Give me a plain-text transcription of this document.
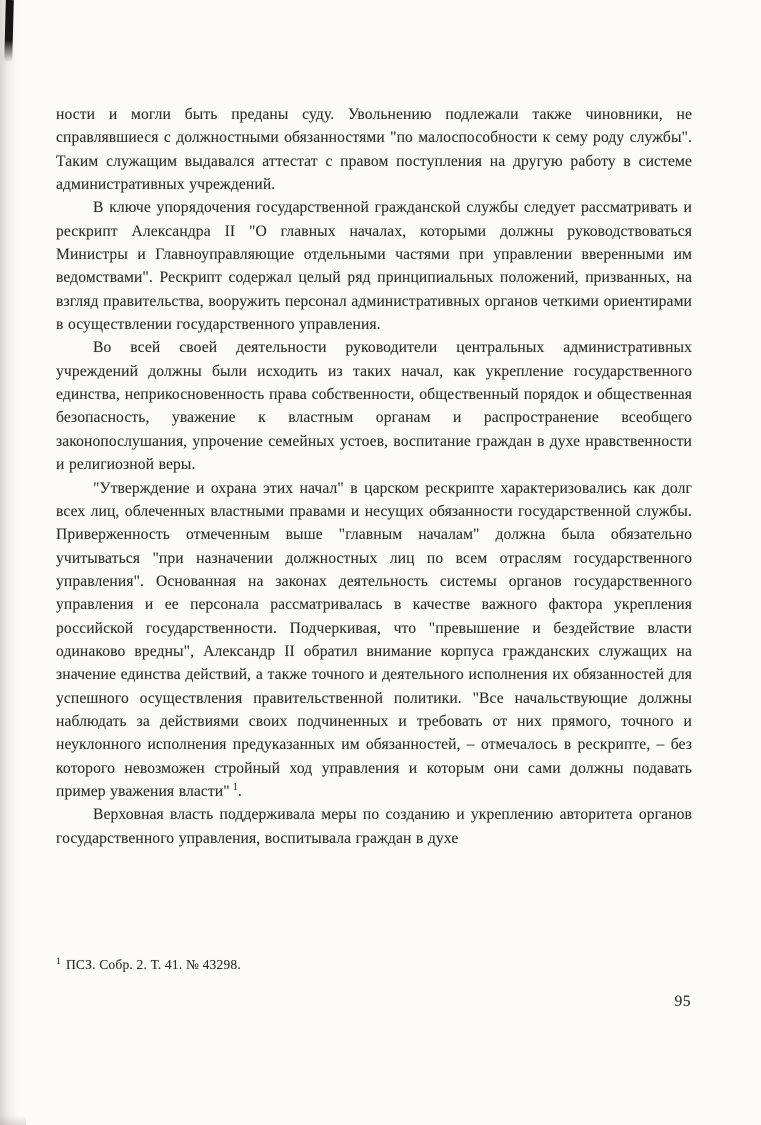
ности и могли быть преданы суду. Увольнению подлежали также чиновники, не справлявшиеся с должностными обязанностями "по малоспособности к сему роду службы". Таким служащим выдавался аттестат с правом поступления на другую работу в системе административных учреждений.

В ключе упорядочения государственной гражданской службы следует рассматривать и рескрипт Александра II "О главных началах, которыми должны руководствоваться Министры и Главноуправляющие отдельными частями при управлении вверенными им ведомствами". Рескрипт содержал целый ряд принципиальных положений, призванных, на взгляд правительства, вооружить персонал административных органов четкими ориентирами в осуществлении государственного управления.

Во всей своей деятельности руководители центральных административных учреждений должны были исходить из таких начал, как укрепление государственного единства, неприкосновенность права собственности, общественный порядок и общественная безопасность, уважение к властным органам и распространение всеобщего законопослушания, упрочение семейных устоев, воспитание граждан в духе нравственности и религиозной веры.

"Утверждение и охрана этих начал" в царском рескрипте характеризовались как долг всех лиц, облеченных властными правами и несущих обязанности государственной службы. Приверженность отмеченным выше "главным началам" должна была обязательно учитываться "при назначении должностных лиц по всем отраслям государственного управления". Основанная на законах деятельность системы органов государственного управления и ее персонала рассматривалась в качестве важного фактора укрепления российской государственности. Подчеркивая, что "превышение и бездействие власти одинаково вредны", Александр II обратил внимание корпуса гражданских служащих на значение единства действий, а также точного и деятельного исполнения их обязанностей для успешного осуществления правительственной политики. "Все начальствующие должны наблюдать за действиями своих подчиненных и требовать от них прямого, точного и неуклонного исполнения предуказанных им обязанностей, – отмечалось в рескрипте, – без которого невозможен стройный ход управления и которым они сами должны подавать пример уважения власти" $^1$.

Верховная власть поддерживала меры по созданию и укреплению авторитета органов государственного управления, воспитывала граждан в духе

$^1$ ПСЗ. Собр. 2. Т. 41. № 43298.
95
